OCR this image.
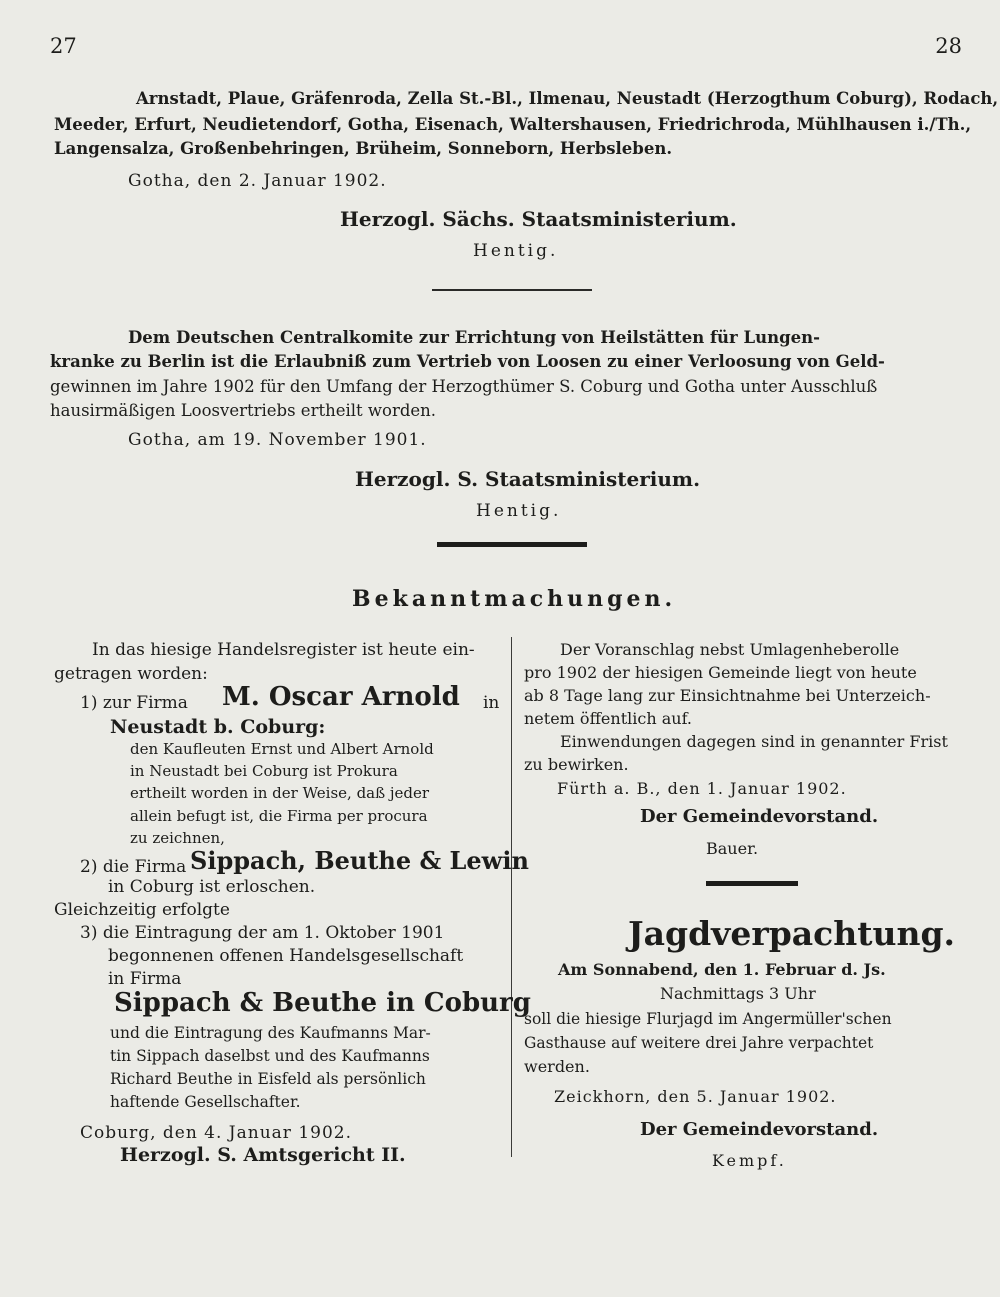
27	28
Arnstadt, Plaue, Gräfenroda, Zella St.-Bl., Ilmenau, Neustadt (Herzogthum Coburg), Rodach,
Meeder, Erfurt, Neudietendorf, Gotha, Eisenach, Waltershausen, Friedrichroda, Mühlhausen i./Th.,
Langensalza, Großenbehringen, Brüheim, Sonneborn, Herbsleben.
Gotha, den 2. Januar 1902.
Herzogl. Sächs. Staatsministerium.
Hentig.
Dem Deutschen Centralkomite zur Errichtung von Heilstätten für Lungen-
kranke zu Berlin ist die Erlaubniß zum Vertrieb von Loosen zu einer Verloosung von Geld-
gewinnen im Jahre 1902 für den Umfang der Herzogthümer S. Coburg und Gotha unter Ausschluß
hausirmäßigen Loosvertriebs ertheilt worden.
Gotha, am 19. November 1901.
Herzogl. S. Staatsministerium.
Hentig.
Bekanntmachungen.
In das hiesige Handelsregister ist heute ein-
getragen worden:
1) zur Firma M. Oscar Arnold in
Neustadt b. Coburg:
den Kaufleuten Ernst und Albert Arnold
in Neustadt bei Coburg ist Prokura
ertheilt worden in der Weise, daß jeder
allein befugt ist, die Firma per procura
zu zeichnen,
2) die Firma Sippach, Beuthe & Lewin
in Coburg ist erloschen.
Gleichzeitig erfolgte
3) die Eintragung der am 1. Oktober 1901
begonnenen offenen Handelsgesellschaft
in Firma
Sippach & Beuthe in Coburg
und die Eintragung des Kaufmanns Mar-
tin Sippach daselbst und des Kaufmanns
Richard Beuthe in Eisfeld als persönlich
haftende Gesellschafter.
Coburg, den 4. Januar 1902.
Herzogl. S. Amtsgericht II.
Der Voranschlag nebst Umlagenheberolle
pro 1902 der hiesigen Gemeinde liegt von heute
ab 8 Tage lang zur Einsichtnahme bei Unterzeich-
netem öffentlich auf.
Einwendungen dagegen sind in genannter Frist
zu bewirken.
Fürth a. B., den 1. Januar 1902.
Der Gemeindevorstand.
Bauer.
Jagdverpachtung.
Am Sonnabend, den 1. Februar d. Js.
Nachmittags 3 Uhr
soll die hiesige Flurjagd im Angermüller'schen
Gasthause auf weitere drei Jahre verpachtet
werden.
Zeickhorn, den 5. Januar 1902.
Der Gemeindevorstand.
Kempf.
